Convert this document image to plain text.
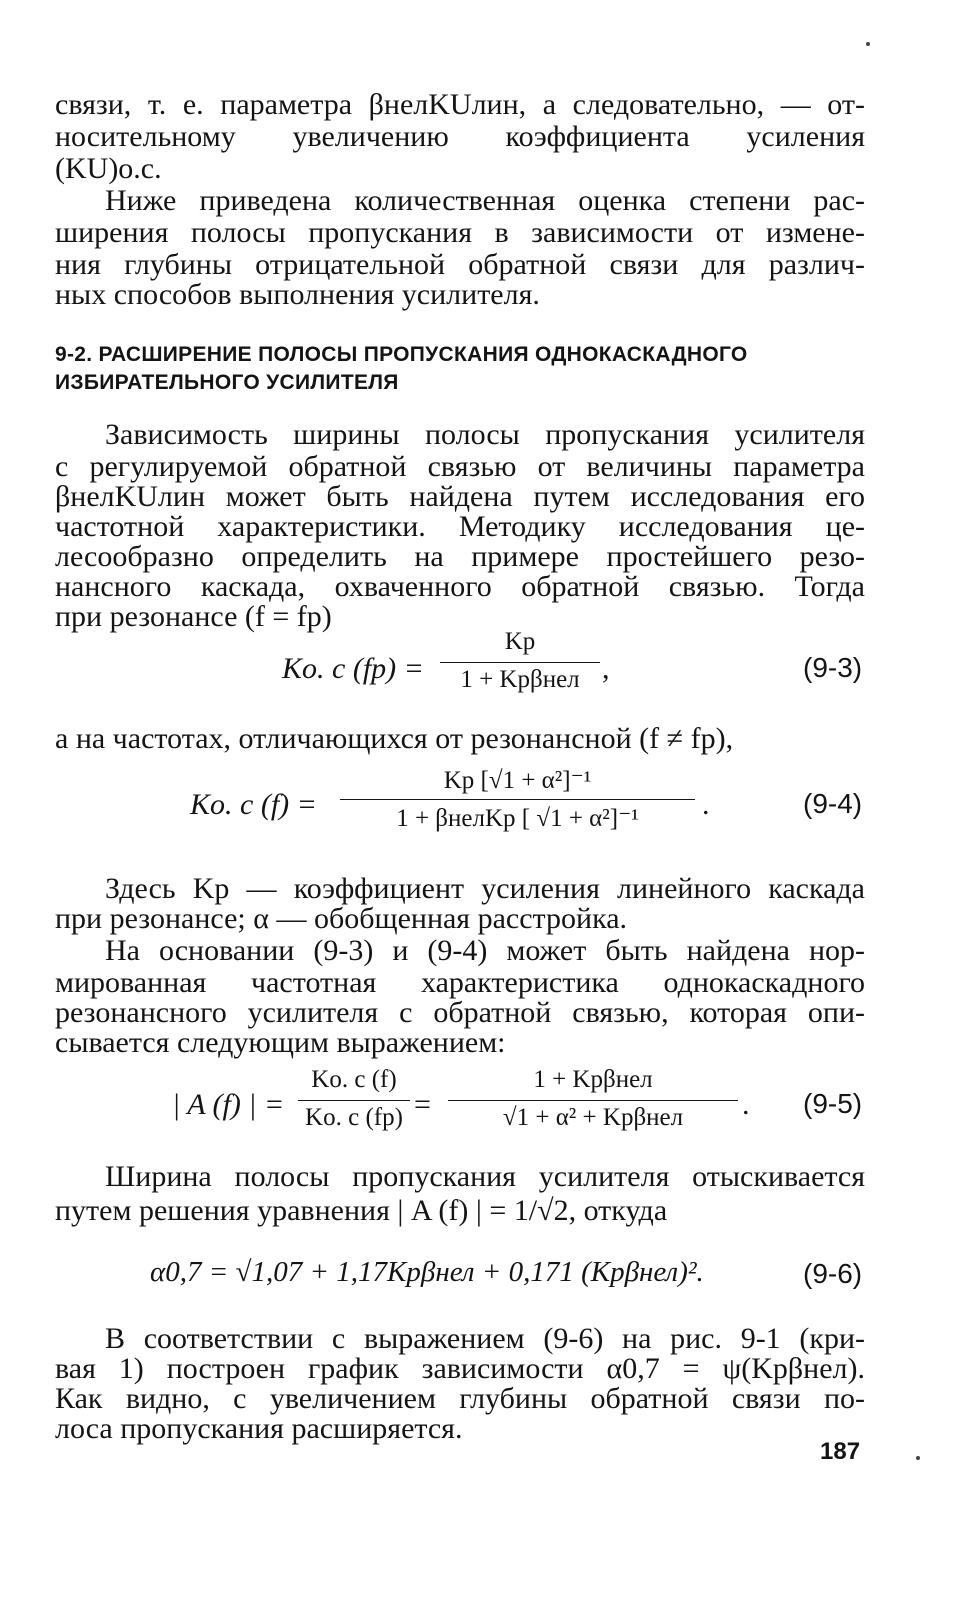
связи, т. е. параметра βнелKUлин, а следовательно, — от-
носительному увеличению коэффициента усиления
(KU)о.с.
Ниже приведена количественная оценка степени рас-
ширения полосы пропускания в зависимости от измене-
ния глубины отрицательной обратной связи для различ-
ных способов выполнения усилителя.
9-2. РАСШИРЕНИЕ ПОЛОСЫ ПРОПУСКАНИЯ ОДНОКАСКАДНОГО
ИЗБИРАТЕЛЬНОГО УСИЛИТЕЛЯ
Зависимость ширины полосы пропускания усилителя
с регулируемой обратной связью от величины параметра
βнелKUлин может быть найдена путем исследования его
частотной характеристики. Методику исследования це-
лесообразно определить на примере простейшего резо-
нансного каскада, охваченного обратной связью. Тогда
при резонансе (f = fр)
Kо. с (fр) =
Kр
1 + Kрβнел ,	(9-3)
а на частотах, отличающихся от резонансной (f ≠ fр),
Kо. с (f) =
Kр [√1 + α²]⁻¹
1 + βнелKр [ √1 + α²]⁻¹	.	(9-4)
Здесь Kр — коэффициент усиления линейного каскада
при резонансе; α — обобщенная расстройка.
На основании (9-3) и (9-4) может быть найдена нор-
мированная частотная характеристика однокаскадного
резонансного усилителя с обратной связью, которая опи-
сывается следующим выражением:
| A (f) | =
Kо. с (f)
Kо. с (fр) =
1 + Kрβнел
√1 + α² + Kрβнел	. (9-5)
Ширина полосы пропускания усилителя отыскивается
путем решения уравнения | A (f) | = 1/√2, откуда
α0,7 = √1,07 + 1,17Kрβнел + 0,171 (Kрβнел)².	(9-6)
В соответствии с выражением (9-6) на рис. 9-1 (кри-
вая 1) построен график зависимости α0,7 = ψ(Kрβнел).
Как видно, с увеличением глубины обратной связи по-
лоса пропускания расширяется.
187
